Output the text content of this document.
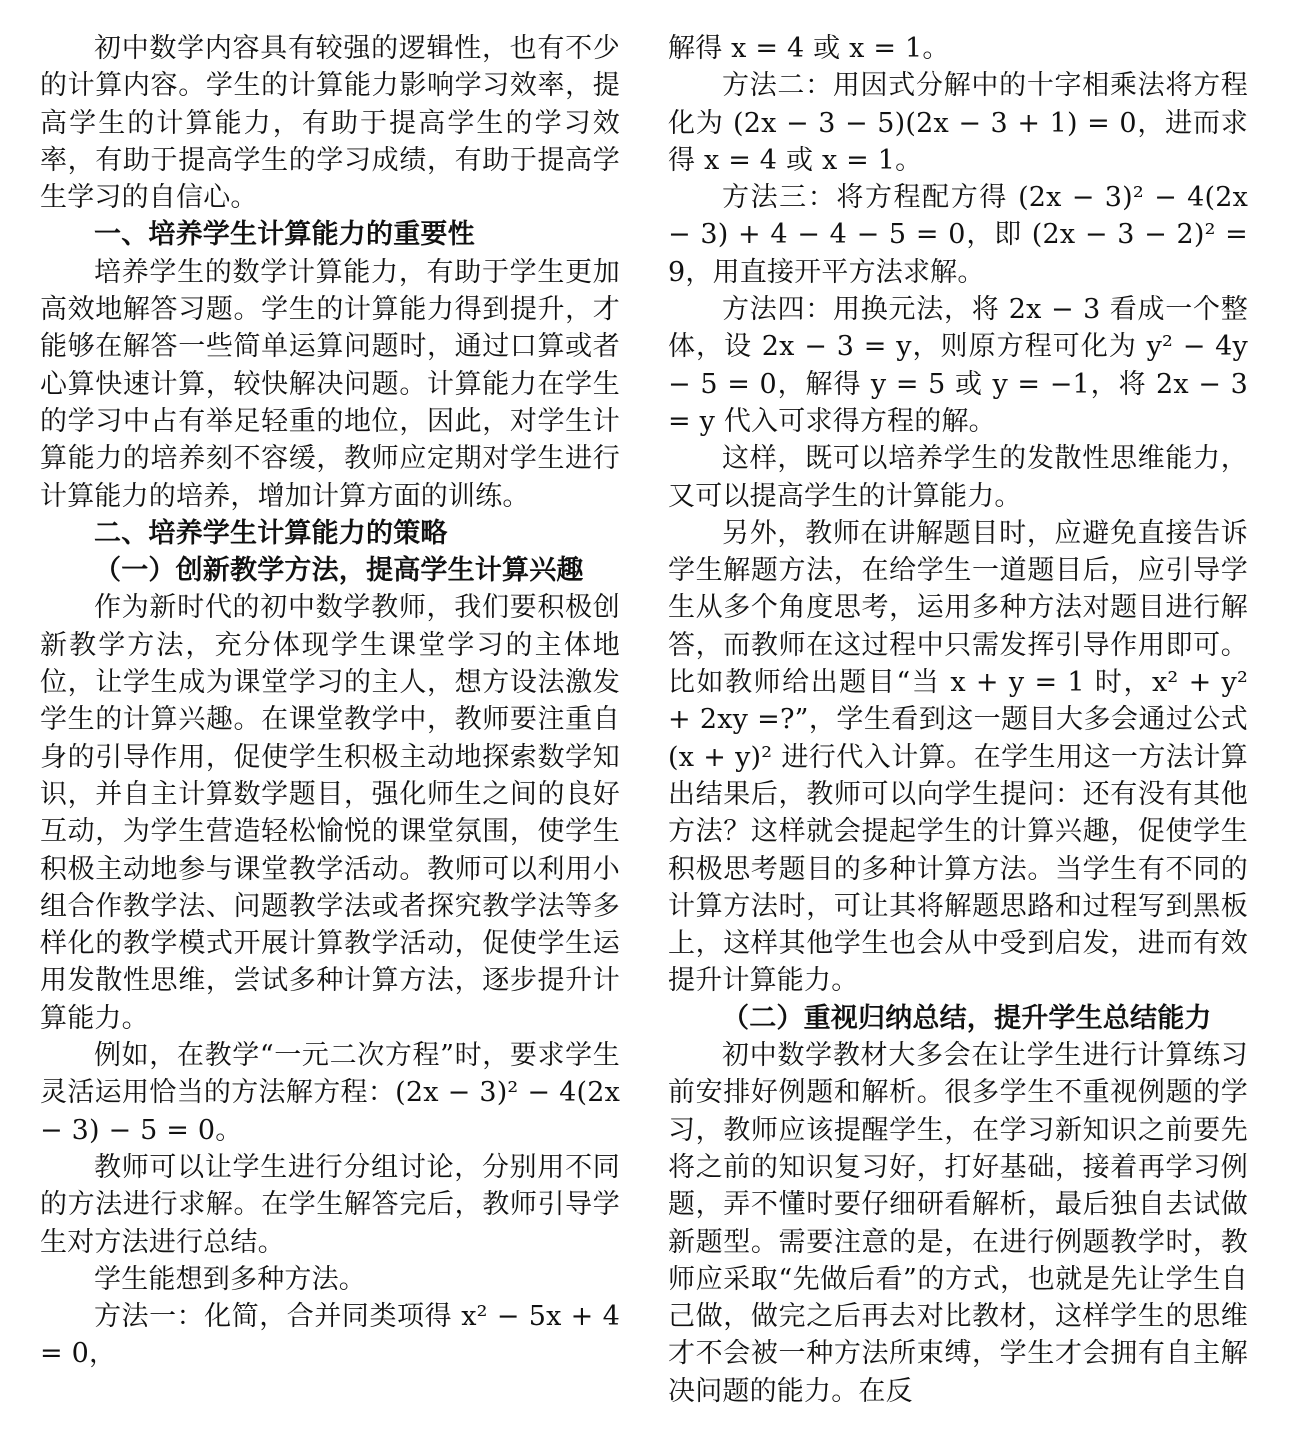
初中数学内容具有较强的逻辑性，也有不少的计算内容。学生的计算能力影响学习效率，提高学生的计算能力，有助于提高学生的学习效率，有助于提高学生的学习成绩，有助于提高学生学习的自信心。

一、培养学生计算能力的重要性

培养学生的数学计算能力，有助于学生更加高效地解答习题。学生的计算能力得到提升，才能够在解答一些简单运算问题时，通过口算或者心算快速计算，较快解决问题。计算能力在学生的学习中占有举足轻重的地位，因此，对学生计算能力的培养刻不容缓，教师应定期对学生进行计算能力的培养，增加计算方面的训练。

二、培养学生计算能力的策略
（一）创新教学方法，提高学生计算兴趣

作为新时代的初中数学教师，我们要积极创新教学方法，充分体现学生课堂学习的主体地位，让学生成为课堂学习的主人，想方设法激发学生的计算兴趣。在课堂教学中，教师要注重自身的引导作用，促使学生积极主动地探索数学知识，并自主计算数学题目，强化师生之间的良好互动，为学生营造轻松愉悦的课堂氛围，使学生积极主动地参与课堂教学活动。教师可以利用小组合作教学法、问题教学法或者探究教学法等多样化的教学模式开展计算教学活动，促使学生运用发散性思维，尝试多种计算方法，逐步提升计算能力。

例如，在教学“一元二次方程”时，要求学生灵活运用恰当的方法解方程：(2x − 3)² − 4(2x − 3) − 5 = 0。

教师可以让学生进行分组讨论，分别用不同的方法进行求解。在学生解答完后，教师引导学生对方法进行总结。

学生能想到多种方法。

方法一：化简，合并同类项得 x² − 5x + 4 = 0，

解得 x = 4 或 x = 1。

方法二：用因式分解中的十字相乘法将方程化为 (2x − 3 − 5)(2x − 3 + 1) = 0，进而求得 x = 4 或 x = 1。

方法三：将方程配方得 (2x − 3)² − 4(2x − 3) + 4 − 4 − 5 = 0，即 (2x − 3 − 2)² = 9，用直接开平方法求解。

方法四：用换元法，将 2x − 3 看成一个整体，设 2x − 3 = y，则原方程可化为 y² − 4y − 5 = 0，解得 y = 5 或 y = −1，将 2x − 3 = y 代入可求得方程的解。

这样，既可以培养学生的发散性思维能力，又可以提高学生的计算能力。

另外，教师在讲解题目时，应避免直接告诉学生解题方法，在给学生一道题目后，应引导学生从多个角度思考，运用多种方法对题目进行解答，而教师在这过程中只需发挥引导作用即可。比如教师给出题目“当 x + y = 1 时，x² + y² + 2xy =?”，学生看到这一题目大多会通过公式 (x + y)² 进行代入计算。在学生用这一方法计算出结果后，教师可以向学生提问：还有没有其他方法？这样就会提起学生的计算兴趣，促使学生积极思考题目的多种计算方法。当学生有不同的计算方法时，可让其将解题思路和过程写到黑板上，这样其他学生也会从中受到启发，进而有效提升计算能力。

（二）重视归纳总结，提升学生总结能力

初中数学教材大多会在让学生进行计算练习前安排好例题和解析。很多学生不重视例题的学习，教师应该提醒学生，在学习新知识之前要先将之前的知识复习好，打好基础，接着再学习例题，弄不懂时要仔细研看解析，最后独自去试做新题型。需要注意的是，在进行例题教学时，教师应采取“先做后看”的方式，也就是先让学生自己做，做完之后再去对比教材，这样学生的思维才不会被一种方法所束缚，学生才会拥有自主解决问题的能力。在反
